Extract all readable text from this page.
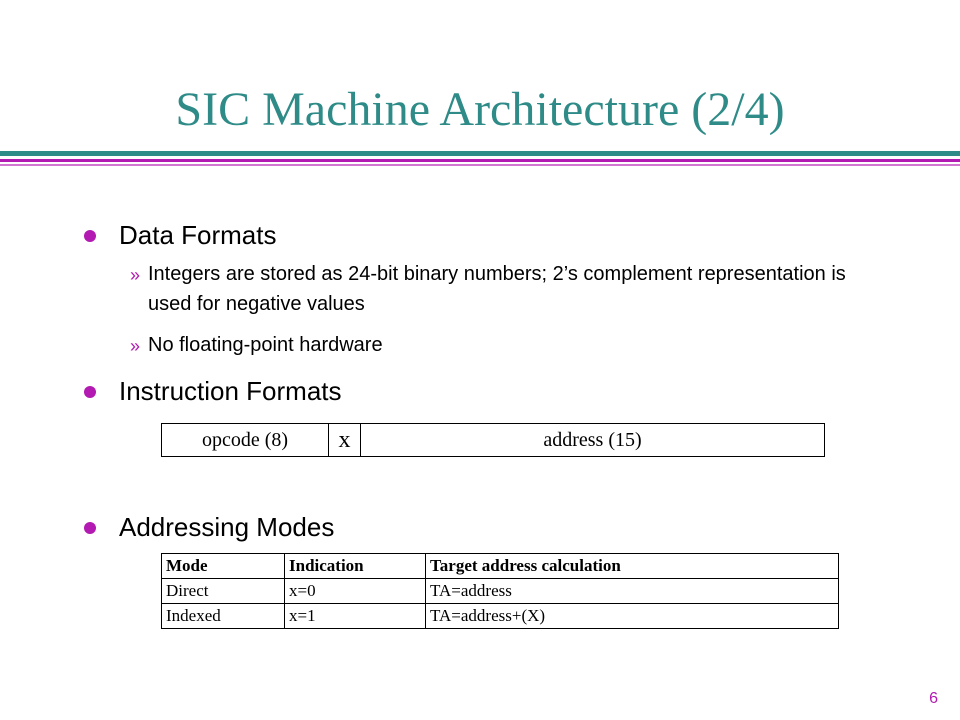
SIC Machine Architecture (2/4)
Data Formats
» Integers are stored as 24-bit binary numbers; 2’s complement representation is used for negative values
» No floating-point hardware
Instruction Formats
opcode (8)	x	address (15)
Addressing Modes
Mode	Indication	Target address calculation
Direct	x=0	TA=address
Indexed	x=1	TA=address+(X)
6
